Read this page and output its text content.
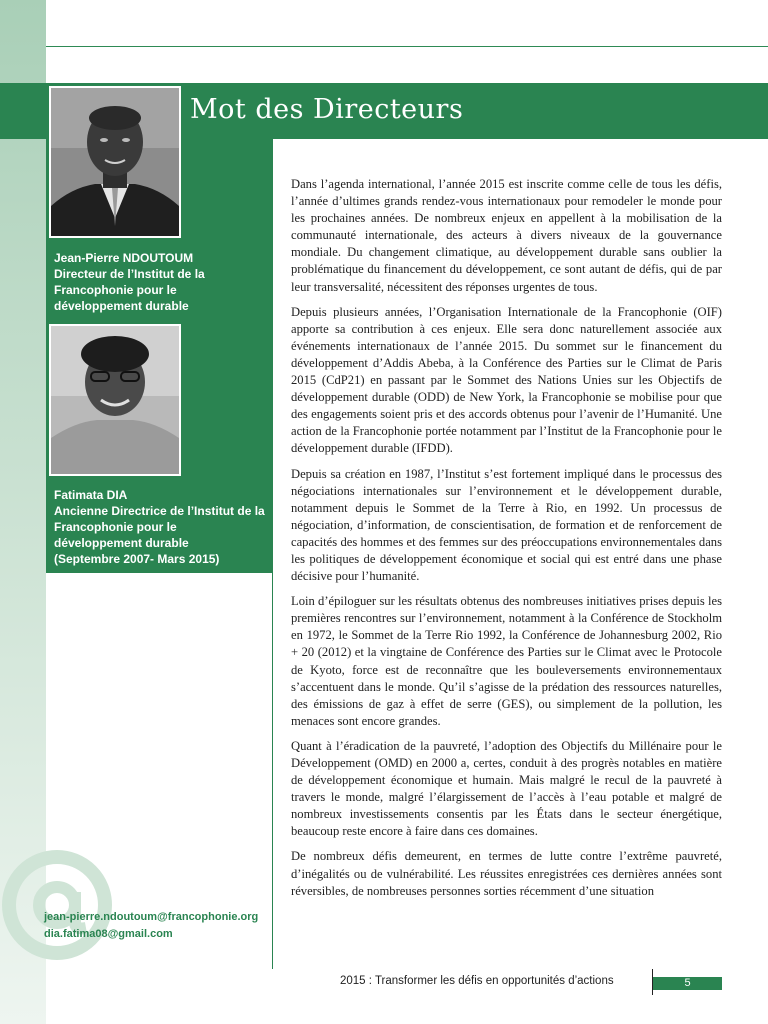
Mot des Directeurs
Jean-Pierre NDOUTOUM
Directeur de l’Institut de la Francophonie pour le développement durable
Fatimata DIA
Ancienne Directrice de l’Institut de la Francophonie pour le développement durable
(Septembre 2007- Mars 2015)
jean-pierre.ndoutoum@francophonie.org
dia.fatima08@gmail.com

Dans l’agenda international, l’année 2015 est inscrite comme celle de tous les défis, l’année d’ultimes grands rendez-vous internationaux pour remodeler le monde pour les prochaines années. De nombreux enjeux en appellent à la mobilisation de la communauté internationale, des acteurs à divers niveaux de la gouvernance mondiale. Du changement climatique, au développement durable sans oublier la problématique du financement du développement, ce sont autant de défis, qui de par leur transversalité, nécessitent des réponses urgentes de tous.

Depuis plusieurs années, l’Organisation Internationale de la Francophonie (OIF) apporte sa contribution à ces enjeux. Elle sera donc naturellement associée aux événements internationaux de l’année 2015. Du sommet sur le financement du développement d’Addis Abeba, à la Conférence des Parties sur le Climat de Paris 2015 (CdP21) en passant par le Sommet des Nations Unies sur les Objectifs de développement durable (ODD) de New York, la Francophonie se mobilise pour que des engagements soient pris et des accords obtenus pour l’avenir de l’Humanité. Une action de la Francophonie portée notamment par l’Institut de la Francophonie pour le développement durable (IFDD).

Depuis sa création en 1987, l’Institut s’est fortement impliqué dans le processus des négociations internationales sur l’environnement et le développement durable, notamment depuis le Sommet de la Terre à Rio, en 1992. Un processus de négociation, d’information, de conscientisation, de formation et de renforcement de capacités des hommes et des femmes sur des préoccupations environnementales dans les politiques de développement économique et social qui est entré dans une phase décisive pour l’humanité.

Loin d’épiloguer sur les résultats obtenus des nombreuses initiatives prises depuis les premières rencontres sur l’environnement, notamment à la Conférence de Stockholm en 1972, le Sommet de la Terre Rio 1992, la Conférence de Johannesburg 2002, Rio + 20 (2012) et la vingtaine de Conférence des Parties sur le Climat avec le Protocole de Kyoto, force est de reconnaître que les bouleversements environnementaux s’accentuent dans le monde. Qu’il s’agisse de la prédation des ressources naturelles, des émissions de gaz à effet de serre (GES), ou simplement de la pollution, les menaces sont encore grandes.

Quant à l’éradication de la pauvreté, l’adoption des Objectifs du Millénaire pour le Développement (OMD) en 2000 a, certes, conduit à des progrès notables en matière de développement économique et humain. Mais malgré le recul de la pauvreté à travers le monde, malgré l’élargissement de l’accès à l’eau potable et malgré de nombreux investissements consentis par les États dans le secteur énergétique, beaucoup reste encore à faire dans ces domaines.

De nombreux défis demeurent, en termes de lutte contre l’extrême pauvreté, d’inégalités ou de vulnérabilité. Les réussites enregistrées ces dernières années sont réversibles, de nombreuses personnes sorties récemment d’une situation

2015 : Transformer les défis en opportunités d’actions	5
